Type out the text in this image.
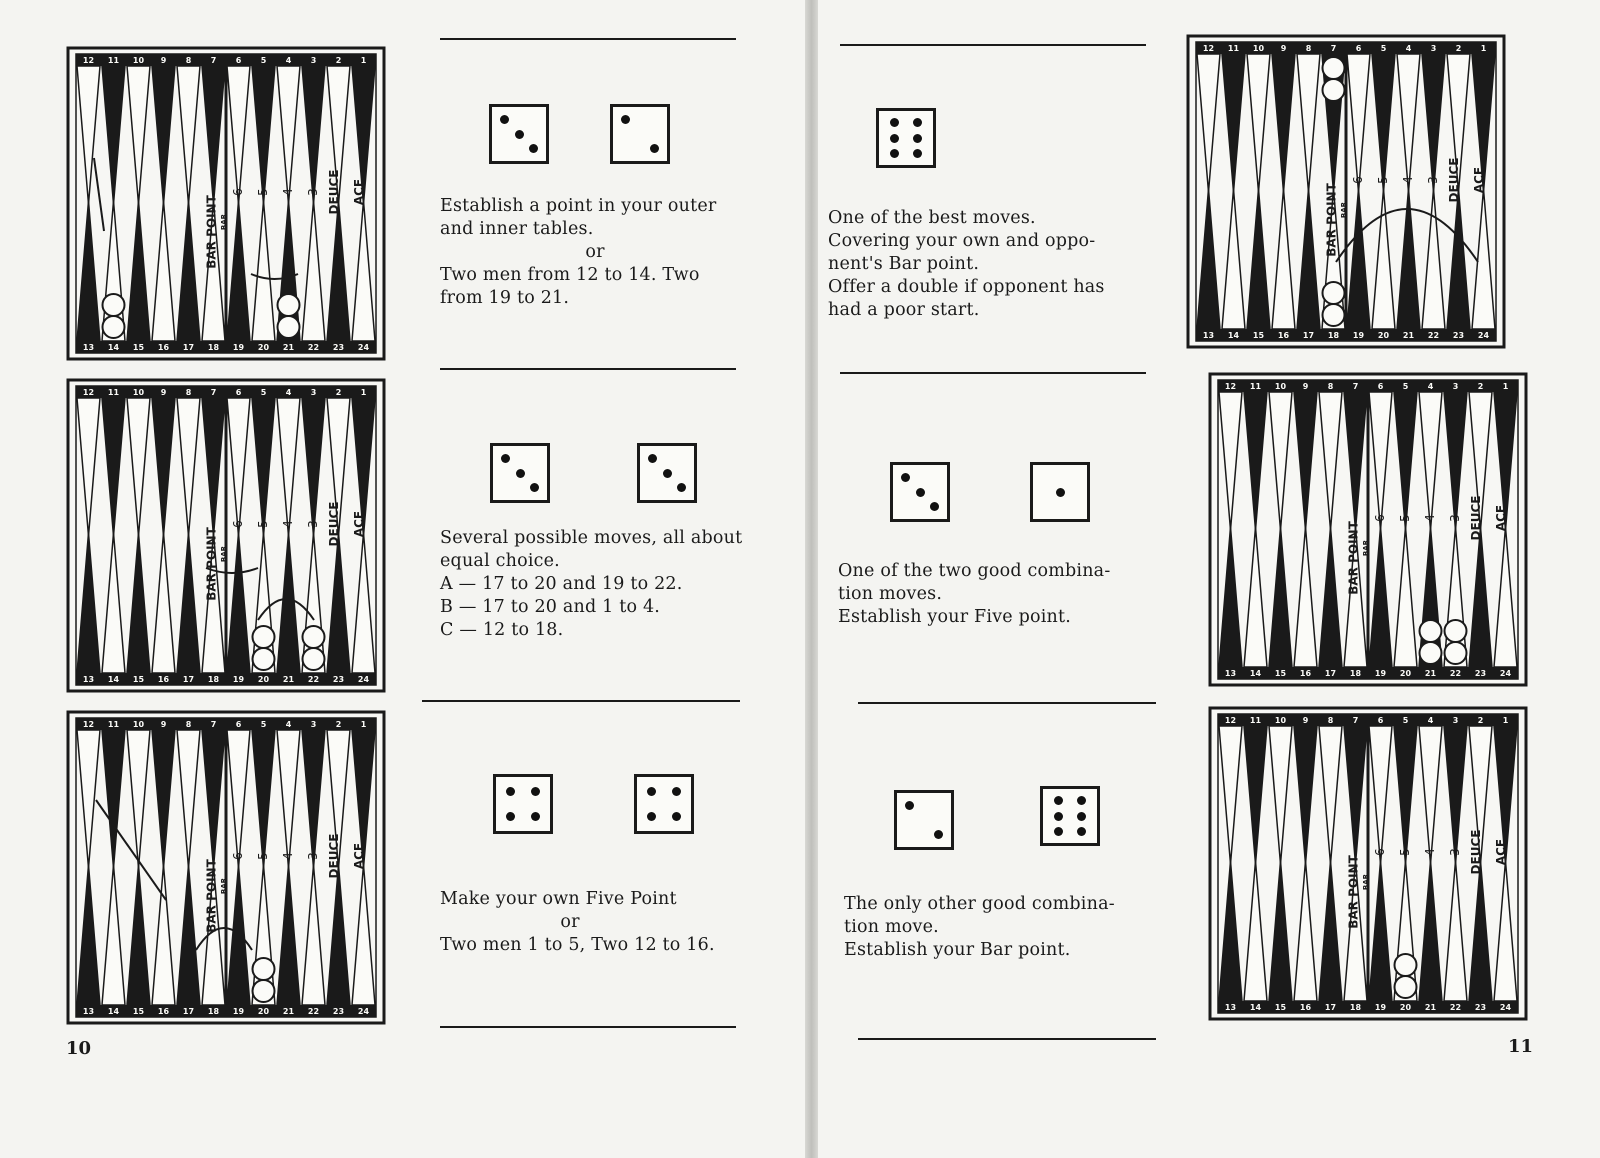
12
13
11
14
10
15
9
16
8
17
7
18
6
19
5
20
4
21
3
22
2
23
1
24
BAR POINT BAR
6 5 4 3 DEUCE ACE
12
13
11
14
10
15
9
16
8
17
7
18
6
19
5
20
4
21
3
22
2
23
1
24
BAR POINT BAR
6 5 4 3 DEUCE ACE
12
13
11
14
10
15
9
16
8
17
7
18
6
19
5
20
4
21
3
22
2
23
1
24
BAR POINT BAR
6 5 4 3 DEUCE ACE

Establish a point in your outer

and inner tables.

or

Two men from 12 to 14. Two

from 19 to 21.

Several possible moves, all about

equal choice.

A — 17 to 20 and 19 to 22.

B — 17 to 20 and 1 to 4.

C — 12 to 18.

Make your own Five Point

or

Two men 1 to 5, Two 12 to 16.

10

One of the best moves.

Covering your own and oppo-

nent's Bar point.

Offer a double if opponent has

had a poor start.

One of the two good combina-

tion moves.

Establish your Five point.

The only other good combina-

tion move.

Establish your Bar point.

12
13
11
14
10
15
9
16
8
17
7
18
6
19
5
20
4
21
3
22
2
23
1
24
BAR POINT BAR
6 5 4 3 DEUCE ACE
12
13
11
14
10
15
9
16
8
17
7
18
6
19
5
20
4
21
3
22
2
23
1
24
BAR POINT BAR
6 5 4 3 DEUCE ACE
12
13
11
14
10
15
9
16
8
17
7
18
6
19
5
20
4
21
3
22
2
23
1
24
BAR POINT BAR
6 5 4 3 DEUCE ACE
11
